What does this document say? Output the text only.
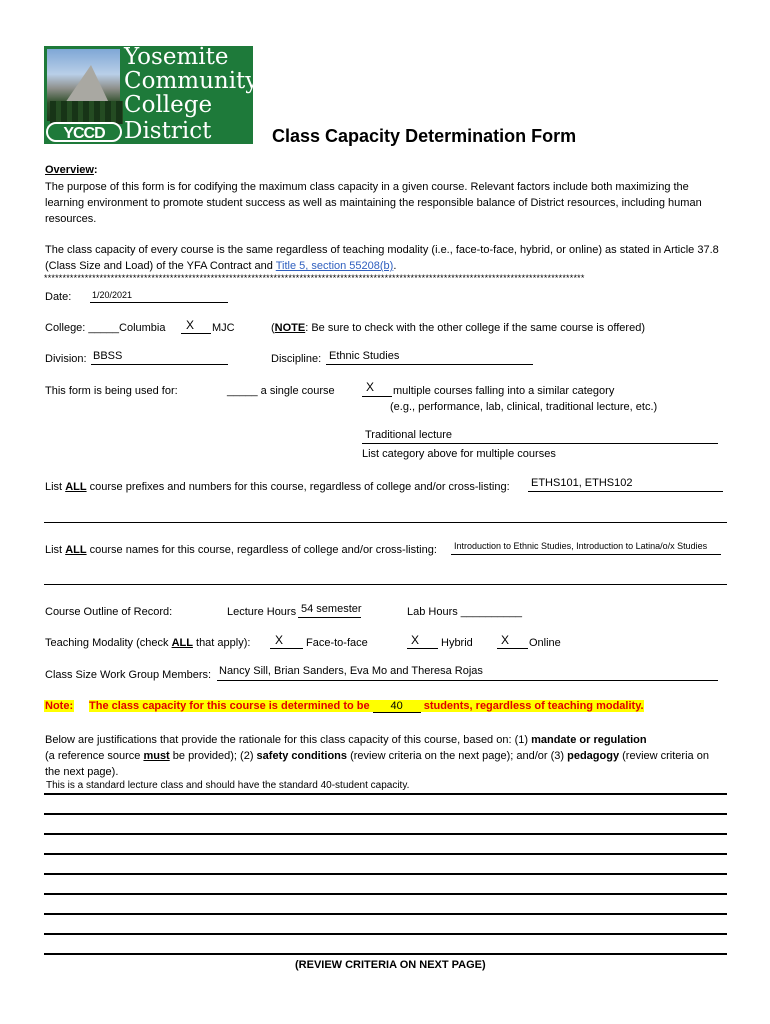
Yosemite
Community
College
YCCD District	Class Capacity Determination Form
Overview:
The purpose of this form is for codifying the maximum class capacity in a given course. Relevant factors include both maximizing the learning environment to promote student success as well as maintaining the responsible balance of District resources, including human resources.
The class capacity of every course is the same regardless of teaching modality (i.e., face-to-face, hybrid, or online) as stated in Article 37.8 (Class Size and Load) of the YFA Contract and Title 5, section 55208(b).
**************************************************************************************************************************************************
Date: 1/20/2021
College: _____Columbia X MJC	(NOTE: Be sure to check with the other college if the same course is offered)
Division: BBSS	Discipline: Ethnic Studies
This form is being used for:	_____ a single course	X multiple courses falling into a similar category
(e.g., performance, lab, clinical, traditional lecture, etc.)
Traditional lecture
List category above for multiple courses
List ALL course prefixes and numbers for this course, regardless of college and/or cross-listing: ETHS101, ETHS102
List ALL course names for this course, regardless of college and/or cross-listing: Introduction to Ethnic Studies, Introduction to Latina/o/x Studies
Course Outline of Record:	Lecture Hours 54 semester	Lab Hours __________
Teaching Modality (check ALL that apply): X Face-to-face	X Hybrid X Online
Class Size Work Group Members: Nancy Sill, Brian Sanders, Eva Mo and Theresa Rojas
Note: The class capacity for this course is determined to be 40 students, regardless of teaching modality.
Below are justifications that provide the rationale for this class capacity of this course, based on: (1) mandate or regulation
(a reference source must be provided); (2) safety conditions (review criteria on the next page); and/or (3) pedagogy (review criteria on the next page).
This is a standard lecture class and should have the standard 40-student capacity.
(REVIEW CRITERIA ON NEXT PAGE)
